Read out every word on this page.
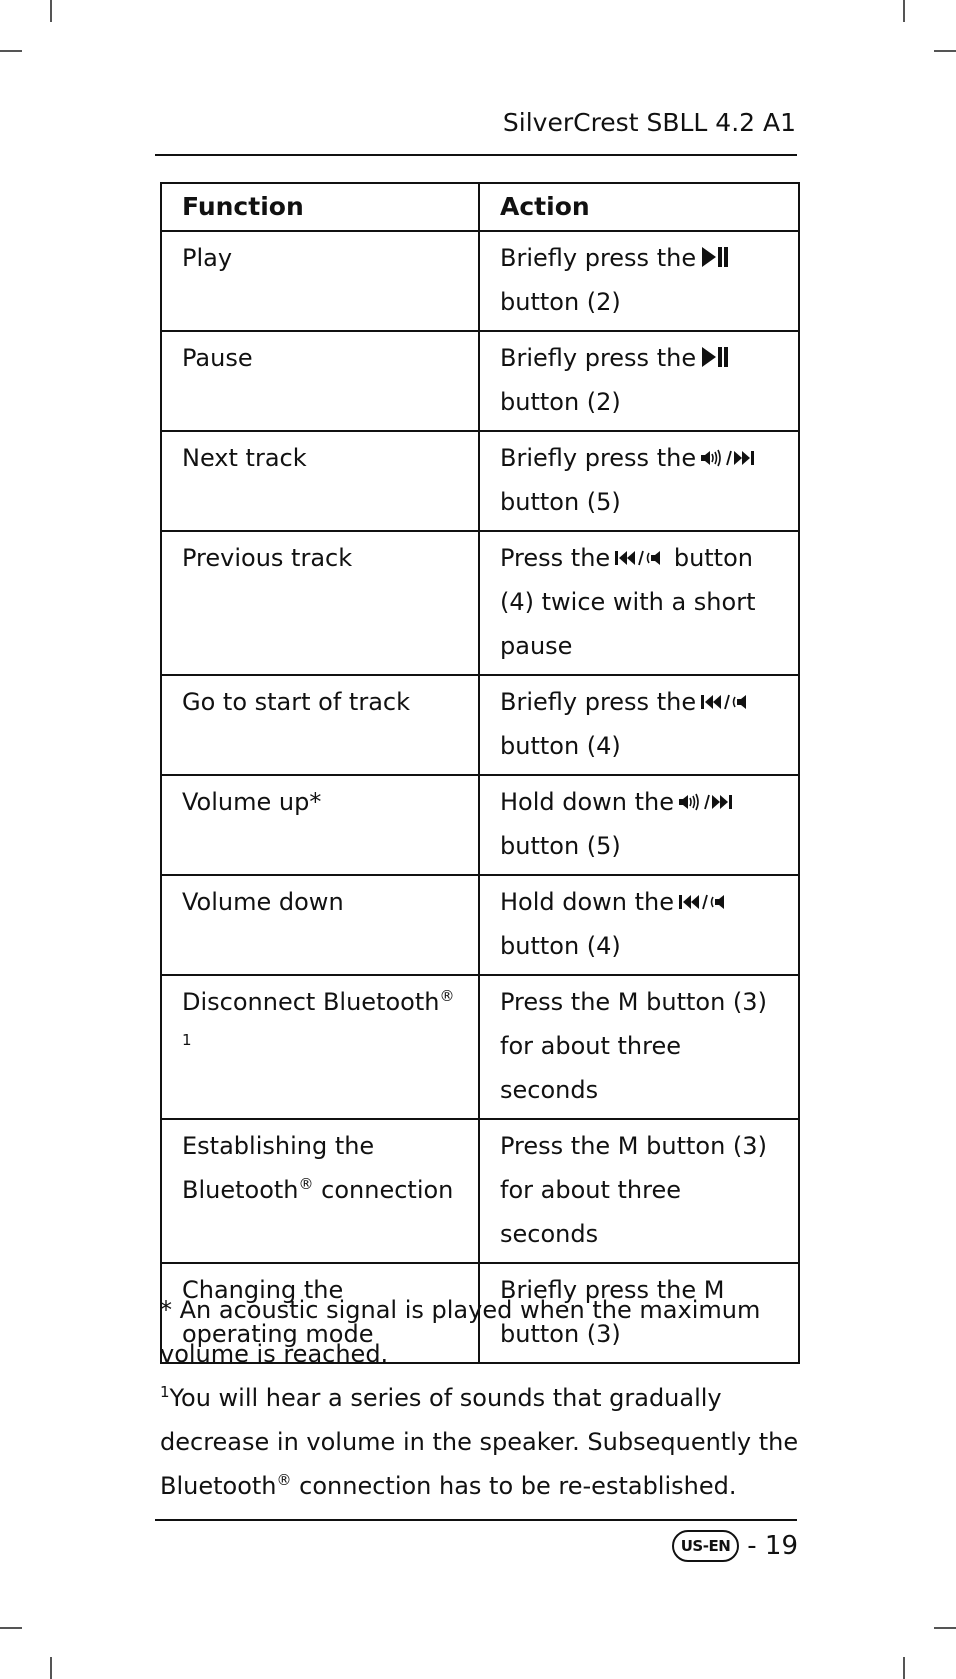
SilverCrest SBLL 4.2 A1
Function	Action
Play	Briefly press the
button (2)
Pause	Briefly press the
button (2)
Next track	Briefly press the
button (5)
Previous track	Press the button (4) twice with a short pause
Go to start of track	Briefly press the
button (4)
Volume up*	Hold down the
button (5)
Volume down	Hold down the
button (4)
Disconnect Bluetooth$^{® 1}$	Press the M button (3) for about three seconds
Establishing the Bluetooth® connection	Press the M button (3) for about three seconds
Changing the operating mode	Briefly press the M button (3)

* An acoustic signal is played when the maximum volume is reached.

$^1$You will hear a series of sounds that gradually decrease in volume in the speaker. Subsequently the Bluetooth® connection has to be re-established.

US-EN - 19
